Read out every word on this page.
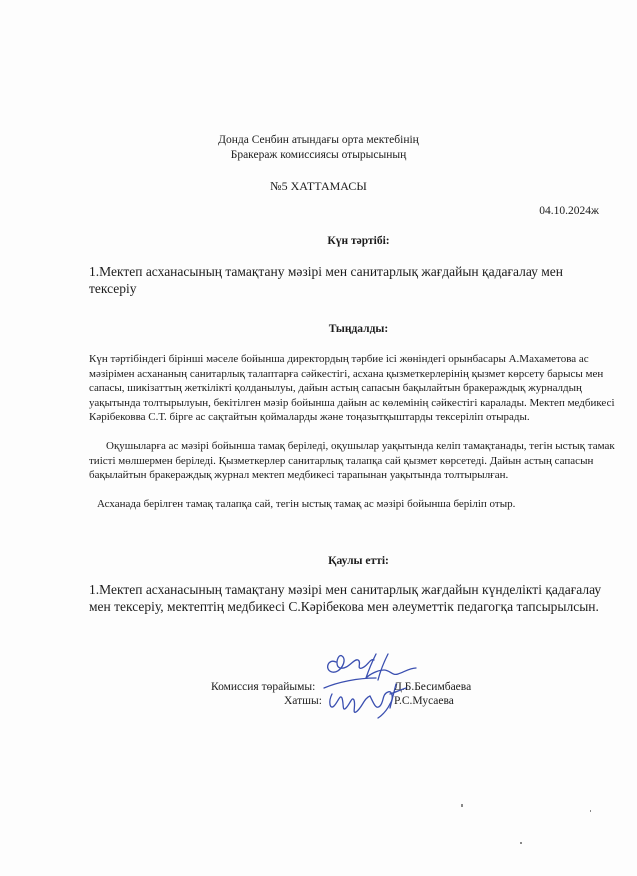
Донда Сенбин атындағы орта мектебінің
Бракераж комиссиясы отырысының
№5 ХАТТАМАСЫ
04.10.2024ж
Күн тәртібі:
1.Мектеп асханасының тамақтану мәзірі мен санитарлық жағдайын қадағалау мен тексеріу
Тыңдалды:
Күн тәртібіндегі бірінші мәселе бойынша директордың тәрбие ісі жөніндегі орынбасары А.Махаметова ас мәзірімен асхананың санитарлық талаптарға сәйкестігі, асхана қызметкерлерінің қызмет көрсету барысы мен сапасы, шикізаттың жеткілікті қолданылуы, дайын астың сапасын бақылайтын бракераждық журналдың уақытында толтырылуын, бекітілген мәзір бойынша дайын ас көлемінің сәйкестігі каралады. Мектеп медбикесі Кәрібековва С.Т. бірге ас сақтайтын қоймаларды және тоңазытқыштарды тексеріліп отырады.
Оқушыларға ас мәзірі бойынша тамақ беріледі, оқушылар уақытында келіп тамақтанады, тегін ыстық тамак тиісті мөлшермен беріледі. Қызметкерлер санитарлық талапқа сай қызмет көрсетеді. Дайын астың сапасын бақылайтын бракераждық журнал мектеп медбикесі тарапынан уақытында толтырылған.
Асханада берілген тамақ талапқа сай, тегін ыстық тамақ ас мәзірі бойынша беріліп отыр.
Қаулы етті:
1.Мектеп асханасының тамақтану мәзірі мен санитарлық жағдайын күнделікті қадағалау мен тексеріу, мектептің медбикесі С.Кәрібекова мен әлеуметтік педагогқа тапсырылсын.
Комиссия төрайымы:	Д.Б.Бесимбаева
Хатшы:	Р.С.Мусаева
